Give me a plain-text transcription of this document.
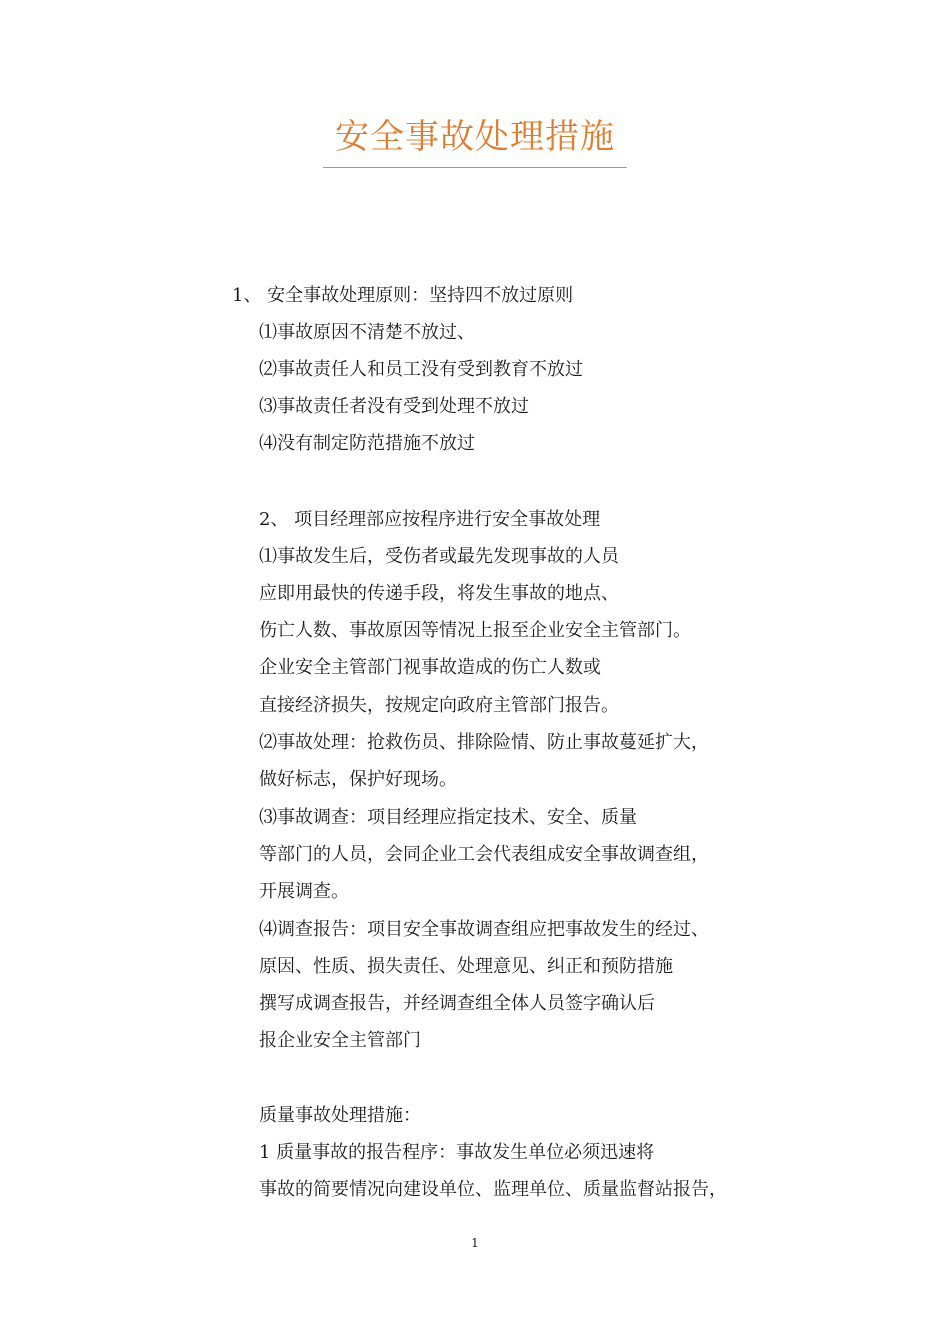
安全事故处理措施
1、 安全事故处理原则：坚持四不放过原则
⑴事故原因不清楚不放过、
⑵事故责任人和员工没有受到教育不放过
⑶事故责任者没有受到处理不放过
⑷没有制定防范措施不放过
2、 项目经理部应按程序进行安全事故处理
⑴事故发生后，受伤者或最先发现事故的人员
应即用最快的传递手段，将发生事故的地点、
伤亡人数、事故原因等情况上报至企业安全主管部门。
企业安全主管部门视事故造成的伤亡人数或
直接经济损失，按规定向政府主管部门报告。
⑵事故处理：抢救伤员、排除险情、防止事故蔓延扩大，
做好标志，保护好现场。
⑶事故调查：项目经理应指定技术、安全、质量
等部门的人员，会同企业工会代表组成安全事故调查组，
开展调查。
⑷调查报告：项目安全事故调查组应把事故发生的经过、
原因、性质、损失责任、处理意见、纠正和预防措施
撰写成调查报告，并经调查组全体人员签字确认后
报企业安全主管部门
质量事故处理措施：
1 质量事故的报告程序：事故发生单位必须迅速将
事故的简要情况向建设单位、监理单位、质量监督站报告，
1
